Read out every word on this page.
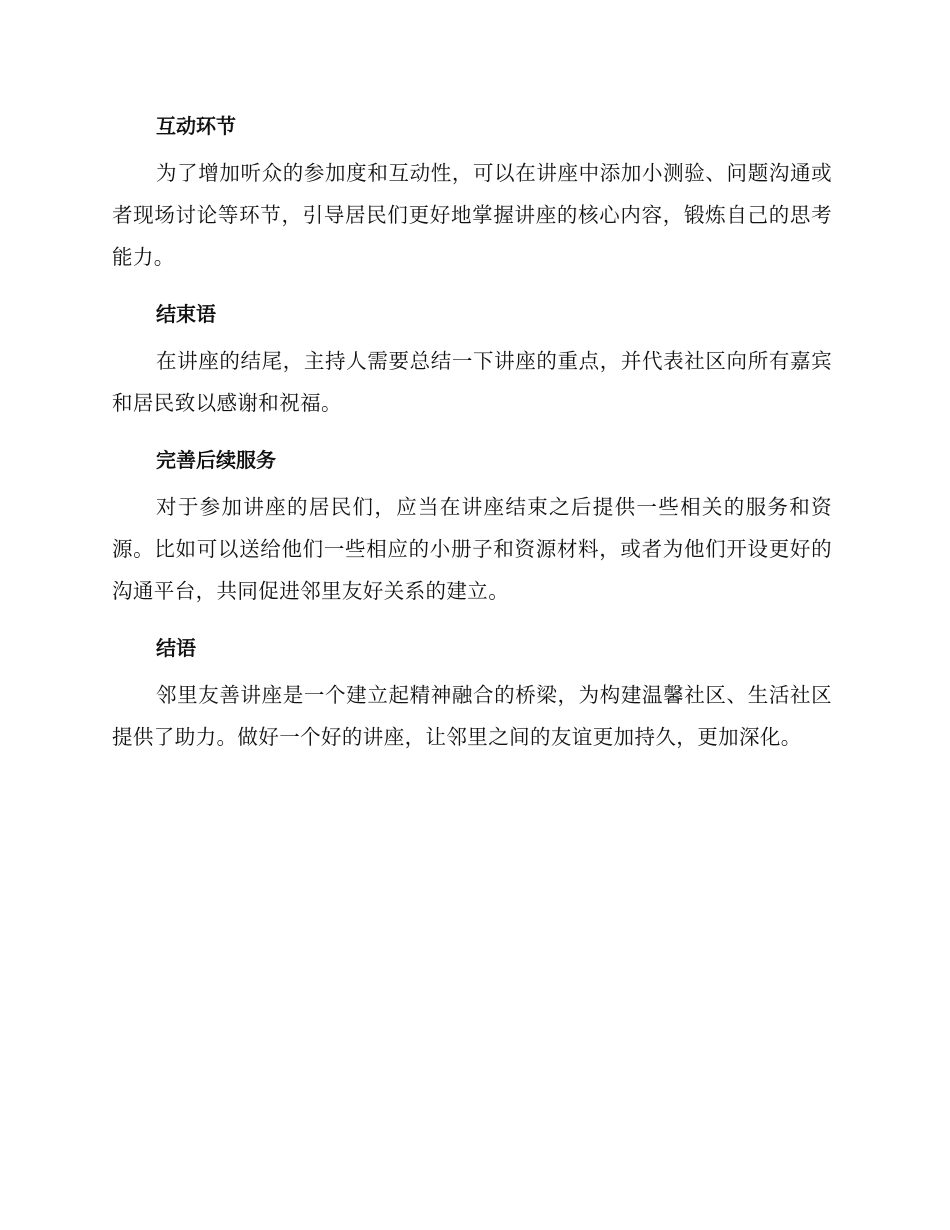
互动环节

为了增加听众的参加度和互动性，可以在讲座中添加小测验、问题沟通或者现场讨论等环节，引导居民们更好地掌握讲座的核心内容，锻炼自己的思考能力。

结束语

在讲座的结尾，主持人需要总结一下讲座的重点，并代表社区向所有嘉宾和居民致以感谢和祝福。

完善后续服务

对于参加讲座的居民们，应当在讲座结束之后提供一些相关的服务和资源。比如可以送给他们一些相应的小册子和资源材料，或者为他们开设更好的沟通平台，共同促进邻里友好关系的建立。

结语

邻里友善讲座是一个建立起精神融合的桥梁，为构建温馨社区、生活社区提供了助力。做好一个好的讲座，让邻里之间的友谊更加持久，更加深化。
